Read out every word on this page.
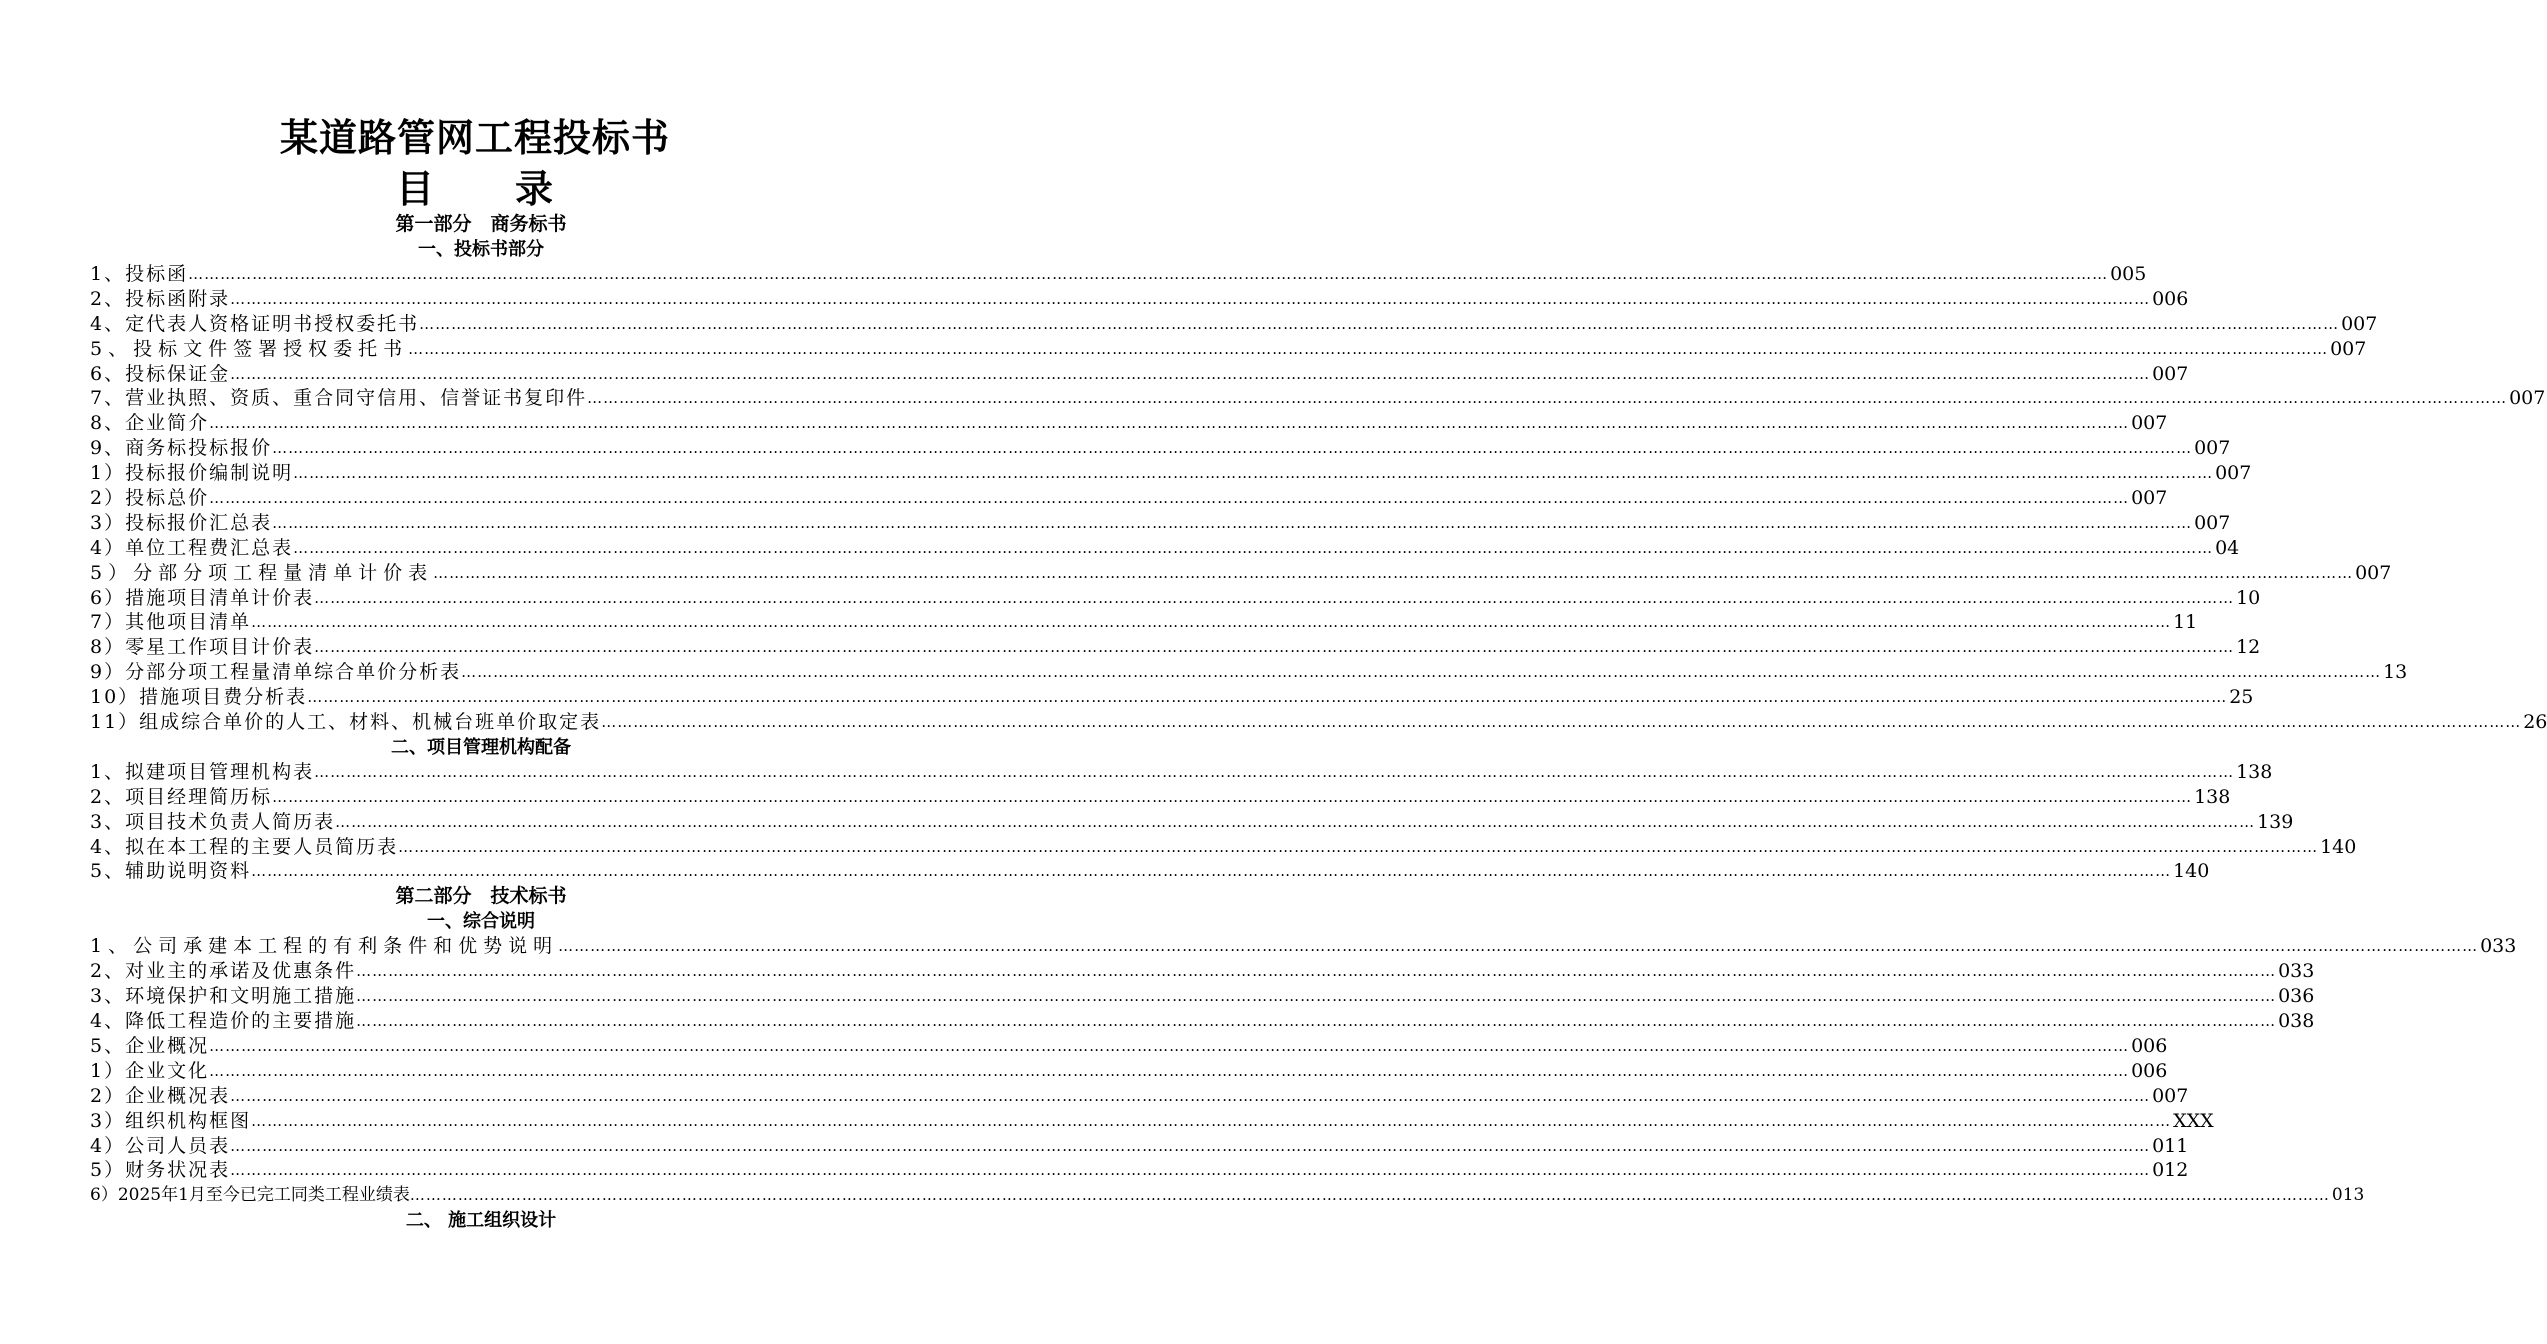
某道路管网工程投标书
目 录
第一部分　商务标书
一、投标书部分
1、投标函 ……………………………………………………………………………………………………………………………………………………………………………………………………………………………………………………………………………………………………………………………… 005
2、投标函附录 ……………………………………………………………………………………………………………………………………………………………………………………………………………………………………………………………………………………………………………………………… 006
4、定代表人资格证明书授权委托书 ……………………………………………………………………………………………………………………………………………………………………………………………………………………………………………………………………………………………………………………………… 007
5、投标文件签署授权委托书 ……………………………………………………………………………………………………………………………………………………………………………………………………………………………………………………………………………………………………………………………… 007
6、投标保证金 ……………………………………………………………………………………………………………………………………………………………………………………………………………………………………………………………………………………………………………………………… 007
7、营业执照、资质、重合同守信用、信誉证书复印件 ……………………………………………………………………………………………………………………………………………………………………………………………………………………………………………………………………………………………………………………………… 007
8、企业简介 ……………………………………………………………………………………………………………………………………………………………………………………………………………………………………………………………………………………………………………………………… 007
9、商务标投标报价 ……………………………………………………………………………………………………………………………………………………………………………………………………………………………………………………………………………………………………………………………… 007
1）投标报价编制说明 ……………………………………………………………………………………………………………………………………………………………………………………………………………………………………………………………………………………………………………………………… 007
2）投标总价 ……………………………………………………………………………………………………………………………………………………………………………………………………………………………………………………………………………………………………………………………… 007
3）投标报价汇总表 ……………………………………………………………………………………………………………………………………………………………………………………………………………………………………………………………………………………………………………………………… 007
4）单位工程费汇总表 ……………………………………………………………………………………………………………………………………………………………………………………………………………………………………………………………………………………………………………………………… 04
5）分部分项工程量清单计价表 ……………………………………………………………………………………………………………………………………………………………………………………………………………………………………………………………………………………………………………………………… 007
6）措施项目清单计价表 ……………………………………………………………………………………………………………………………………………………………………………………………………………………………………………………………………………………………………………………………… 10
7）其他项目清单 ……………………………………………………………………………………………………………………………………………………………………………………………………………………………………………………………………………………………………………………………… 11
8）零星工作项目计价表 ……………………………………………………………………………………………………………………………………………………………………………………………………………………………………………………………………………………………………………………………… 12
9）分部分项工程量清单综合单价分析表 ……………………………………………………………………………………………………………………………………………………………………………………………………………………………………………………………………………………………………………………………… 13
10）措施项目费分析表 ……………………………………………………………………………………………………………………………………………………………………………………………………………………………………………………………………………………………………………………………… 25
11）组成综合单价的人工、材料、机械台班单价取定表 ……………………………………………………………………………………………………………………………………………………………………………………………………………………………………………………………………………………………………………………………… 26
二、项目管理机构配备
1、拟建项目管理机构表 ……………………………………………………………………………………………………………………………………………………………………………………………………………………………………………………………………………………………………………………………… 138
2、项目经理简历标 ……………………………………………………………………………………………………………………………………………………………………………………………………………………………………………………………………………………………………………………………… 138
3、项目技术负责人简历表 ……………………………………………………………………………………………………………………………………………………………………………………………………………………………………………………………………………………………………………………………… 139
4、拟在本工程的主要人员简历表 ……………………………………………………………………………………………………………………………………………………………………………………………………………………………………………………………………………………………………………………………… 140
5、辅助说明资料 ……………………………………………………………………………………………………………………………………………………………………………………………………………………………………………………………………………………………………………………………… 140
第二部分　技术标书
一、综合说明
1、公司承建本工程的有利条件和优势说明 ……………………………………………………………………………………………………………………………………………………………………………………………………………………………………………………………………………………………………………………………… 033
2、对业主的承诺及优惠条件 ……………………………………………………………………………………………………………………………………………………………………………………………………………………………………………………………………………………………………………………………… 033
3、环境保护和文明施工措施 ……………………………………………………………………………………………………………………………………………………………………………………………………………………………………………………………………………………………………………………………… 036
4、降低工程造价的主要措施 ……………………………………………………………………………………………………………………………………………………………………………………………………………………………………………………………………………………………………………………………… 038
5、企业概况 ……………………………………………………………………………………………………………………………………………………………………………………………………………………………………………………………………………………………………………………………… 006
1）企业文化 ……………………………………………………………………………………………………………………………………………………………………………………………………………………………………………………………………………………………………………………………… 006
2）企业概况表 ……………………………………………………………………………………………………………………………………………………………………………………………………………………………………………………………………………………………………………………………… 007
3）组织机构框图 ……………………………………………………………………………………………………………………………………………………………………………………………………………………………………………………………………………………………………………………………… XXX
4）公司人员表 ……………………………………………………………………………………………………………………………………………………………………………………………………………………………………………………………………………………………………………………………… 011
5）财务状况表 ……………………………………………………………………………………………………………………………………………………………………………………………………………………………………………………………………………………………………………………………… 012
6）2025年1月至今已完工同类工程业绩表 ……………………………………………………………………………………………………………………………………………………………………………………………………………………………………………………………………………………………………………………………… 013
二、 施工组织设计
